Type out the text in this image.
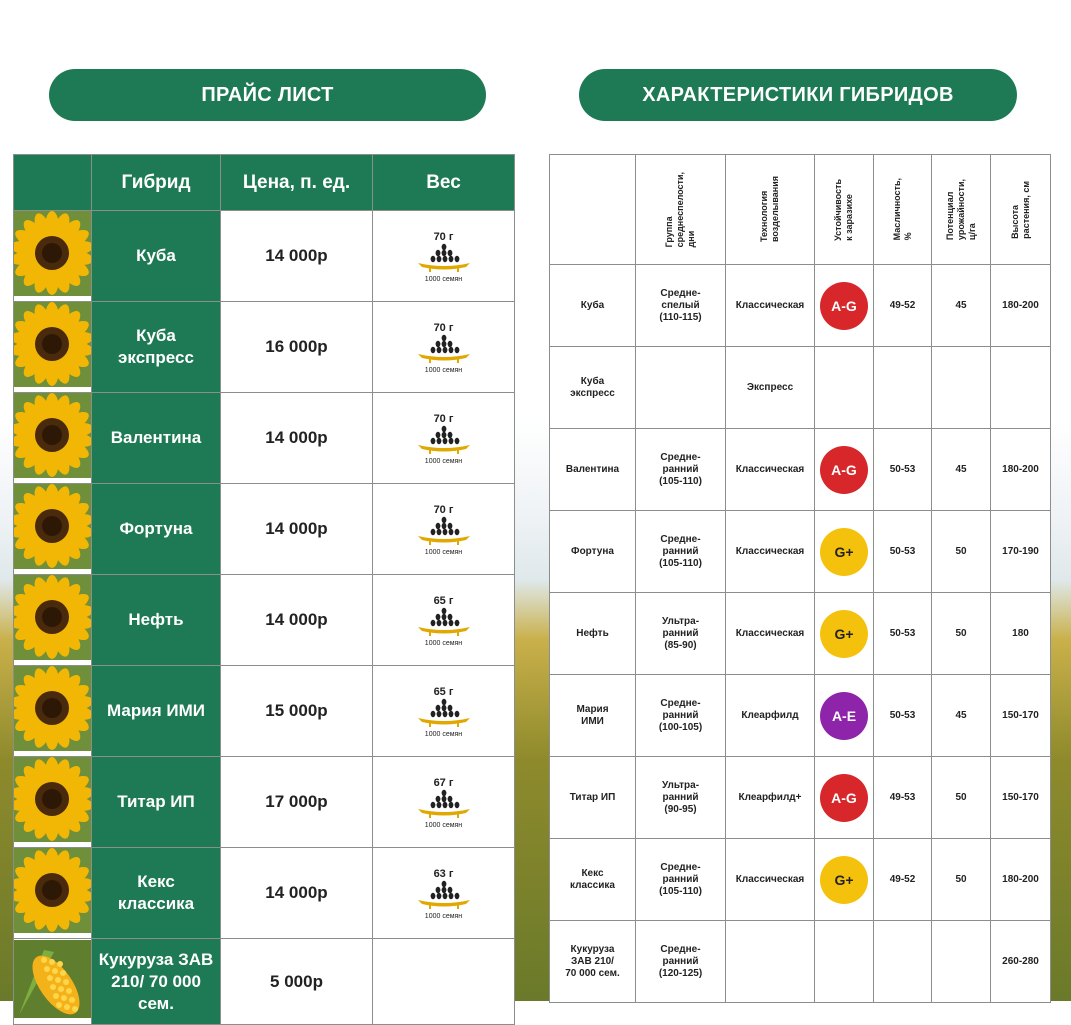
ПРАЙС ЛИСТ	ХАРАКТЕРИСТИКИ ГИБРИДОВ
	Гибрид	Цена, п. ед.	Вес
	Куба	14 000р	70 г
1000 семян

	Куба экспресс	16 000р	70 г
1000 семян

	Валентина	14 000р	70 г
1000 семян

	Фортуна	14 000р	70 г
1000 семян

	Нефть	14 000р	65 г
1000 семян

	Мария ИМИ	15 000р	65 г
1000 семян

	Титар ИП	17 000р	67 г
1000 семян

	Кекс классика	14 000р	63 г
1000 семян

	Кукуруза ЗАВ 210/ 70 000 сем.	5 000р	

	Группа
среднеспелости,
дни	Технология
возделывания	Устойчивость
к заразихе	Масличность,
%	Потенциал
урожайности,
ц/га	Высота
растения, см

Куба	Средне-
спелый
(110-115)	Классическая	A-G	49-52	45	180-200
Куба
экспресс		Экспресс				
Валентина	Средне-
ранний
(105-110)	Классическая	A-G	50-53	45	180-200
Фортуна	Средне-
ранний
(105-110)	Классическая	G+	50-53	50	170-190
Нефть	Ультра-
ранний
(85-90)	Классическая	G+	50-53	50	180
Мария
ИМИ	Средне-
ранний
(100-105)	Клеарфилд	A-E	50-53	45	150-170
Титар ИП	Ультра-
ранний
(90-95)	Клеарфилд+	A-G	49-53	50	150-170
Кекс
классика	Средне-
ранний
(105-110)	Классическая	G+	49-52	50	180-200
Кукуруза
ЗАВ 210/
70 000 сем.	Средне-
ранний
(120-125)					260-280
